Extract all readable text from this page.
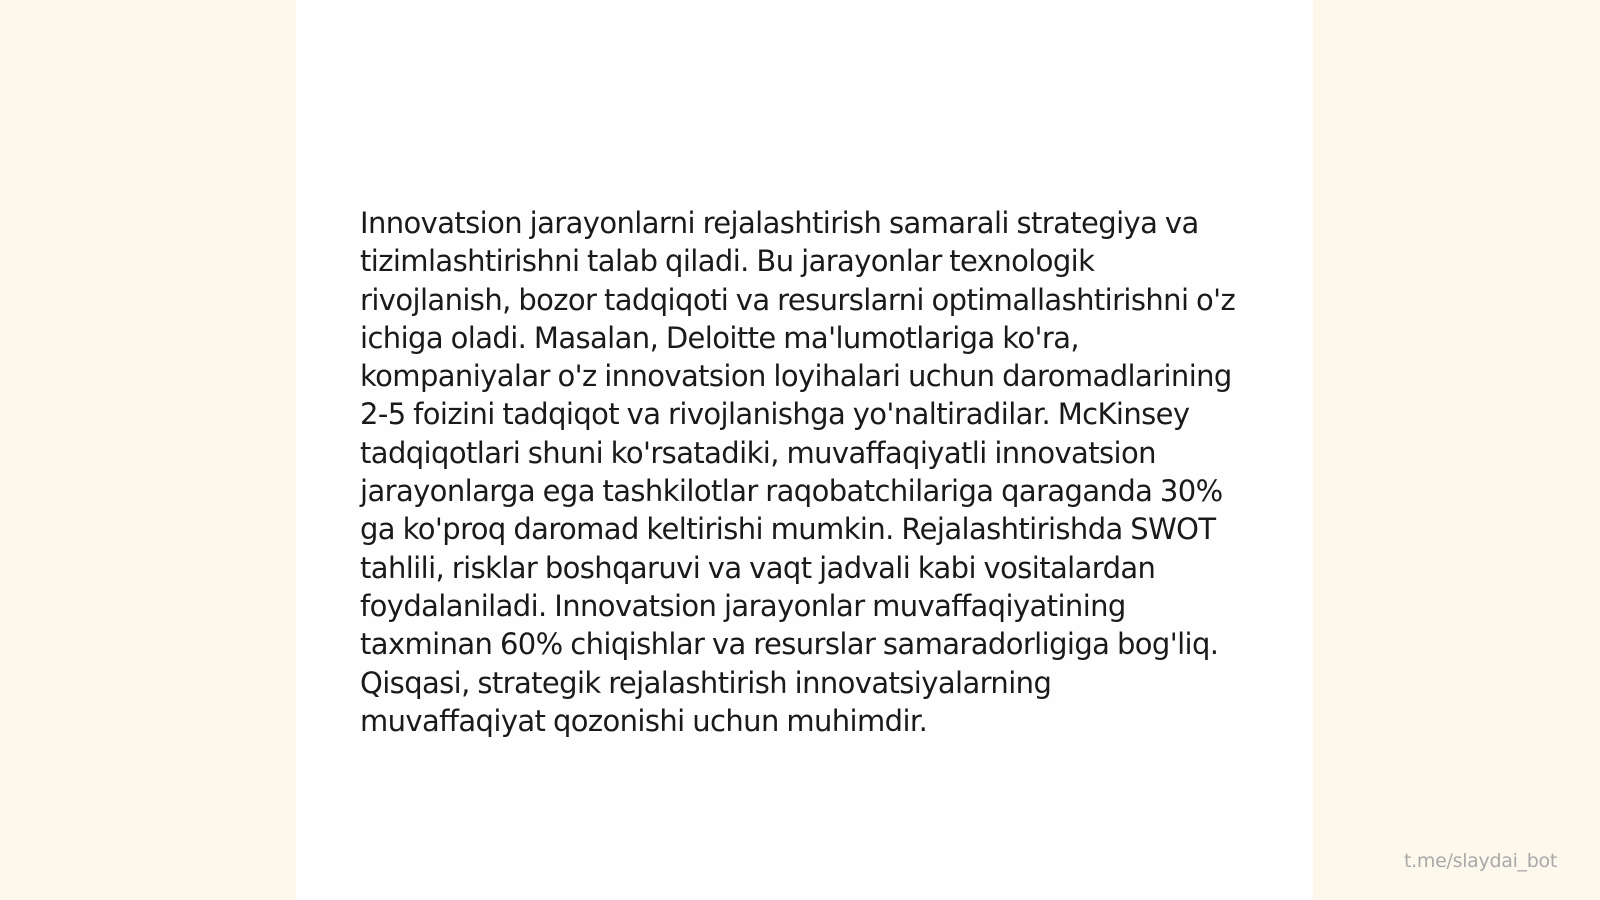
Innovatsion jarayonlarni rejalashtirish samarali strategiya va tizimlashtirishni talab qiladi. Bu jarayonlar texnologik rivojlanish, bozor tadqiqoti va resurslarni optimallashtirishni o'z ichiga oladi. Masalan, Deloitte ma'lumotlariga ko'ra, kompaniyalar o'z innovatsion loyihalari uchun daromadlarining 2-5 foizini tadqiqot va rivojlanishga yo'naltiradilar. McKinsey tadqiqotlari shuni ko'rsatadiki, muvaffaqiyatli innovatsion jarayonlarga ega tashkilotlar raqobatchilariga qaraganda 30% ga ko'proq daromad keltirishi mumkin. Rejalashtirishda SWOT tahlili, risklar boshqaruvi va vaqt jadvali kabi vositalardan foydalaniladi. Innovatsion jarayonlar muvaffaqiyatining taxminan 60% chiqishlar va resurslar samaradorligiga bog'liq. Qisqasi, strategik rejalashtirish innovatsiyalarning muvaffaqiyat qozonishi uchun muhimdir.

t.me/slaydai_bot
